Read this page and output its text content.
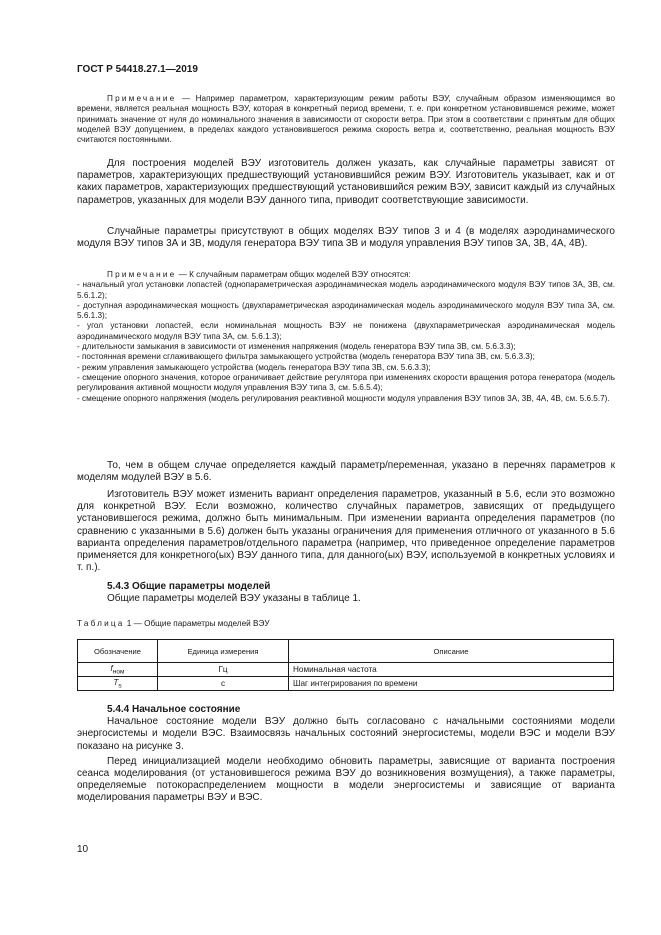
ГОСТ Р 54418.27.1—2019

Примечание — Например параметром, характеризующим режим работы ВЭУ, случайным образом изменяющимся во времени, является реальная мощность ВЭУ, которая в конкретный период времени, т. е. при конкретном установившемся режиме, может принимать значение от нуля до номинального значения в зависимости от скорости ветра. При этом в соответствии с принятым для общих моделей ВЭУ допущением, в пределах каждого установившегося режима скорость ветра и, соответственно, реальная мощность ВЭУ считаются постоянными.

Для построения моделей ВЭУ изготовитель должен указать, как случайные параметры зависят от параметров, характеризующих предшествующий установившийся режим ВЭУ. Изготовитель указывает, как и от каких параметров, характеризующих предшествующий установившийся режим ВЭУ, зависит каждый из случайных параметров, указанных для модели ВЭУ данного типа, приводит соответствующие зависимости.

Случайные параметры присутствуют в общих моделях ВЭУ типов 3 и 4 (в моделях аэродинамического модуля ВЭУ типов 3А и 3В, модуля генератора ВЭУ типа 3В и модуля управления ВЭУ типов 3А, 3В, 4А, 4В).

Примечание — К случайным параметрам общих моделей ВЭУ относятся:

- начальный угол установки лопастей (однопараметрическая аэродинамическая модель аэродинамического модуля ВЭУ типов 3А, 3В, см. 5.6.1.2);

- доступная аэродинамическая мощность (двухпараметрическая аэродинамическая модель аэродинамического модуля ВЭУ типа 3А, см. 5.6.1.3);

- угол установки лопастей, если номинальная мощность ВЭУ не понижена (двухпараметрическая аэродинамическая модель аэродинамического модуля ВЭУ типа 3А, см. 5.6.1.3);

- длительности замыкания в зависимости от изменения напряжения (модель генератора ВЭУ типа 3В, см. 5.6.3.3);

- постоянная времени сглаживающего фильтра замыкающего устройства (модель генератора ВЭУ типа 3В, см. 5.6.3.3);

- режим управления замыкающего устройства (модель генератора ВЭУ типа 3В, см. 5.6.3.3);

- смещение опорного значения, которое ограничивает действие регулятора при изменениях скорости вращения ротора генератора (модель регулирования активной мощности модуля управления ВЭУ типа 3, см. 5.6.5.4);

- смещение опорного напряжения (модель регулирования реактивной мощности модуля управления ВЭУ типов 3А, 3В, 4А, 4В, см. 5.6.5.7).

То, чем в общем случае определяется каждый параметр/переменная, указано в перечнях параметров к моделям модулей ВЭУ в 5.6.

Изготовитель ВЭУ может изменить вариант определения параметров, указанный в 5.6, если это возможно для конкретной ВЭУ. Если возможно, количество случайных параметров, зависящих от предыдущего установившегося режима, должно быть минимальным. При изменении варианта определения параметров (по сравнению с указанными в 5.6) должен быть указаны ограничения для применения отличного от указанного в 5.6 варианта определения параметров/отдельного параметра (например, что приведенное определение параметров применяется для конкретного(ых) ВЭУ данного типа, для данного(ых) ВЭУ, используемой в конкретных условиях и т. п.).

5.4.3 Общие параметры моделей

Общие параметры моделей ВЭУ указаны в таблице 1.

Таблица 1 — Общие параметры моделей ВЭУ
Обозначение	Единица измерения	Описание
$f_{ном}$	Гц	Номинальная частота
$T_s$	с	Шаг интегрирования по времени

5.4.4 Начальное состояние

Начальное состояние модели ВЭУ должно быть согласовано с начальными состояниями модели энергосистемы и модели ВЭС. Взаимосвязь начальных состояний энергосистемы, модели ВЭС и модели ВЭУ показано на рисунке 3.

Перед инициализацией модели необходимо обновить параметры, зависящие от варианта построения сеанса моделирования (от установившегося режима ВЭУ до возникновения возмущения), а также параметры, определяемые потокораспределением мощности в модели энергосистемы и зависящие от варианта моделирования параметры ВЭУ и ВЭС.

10
